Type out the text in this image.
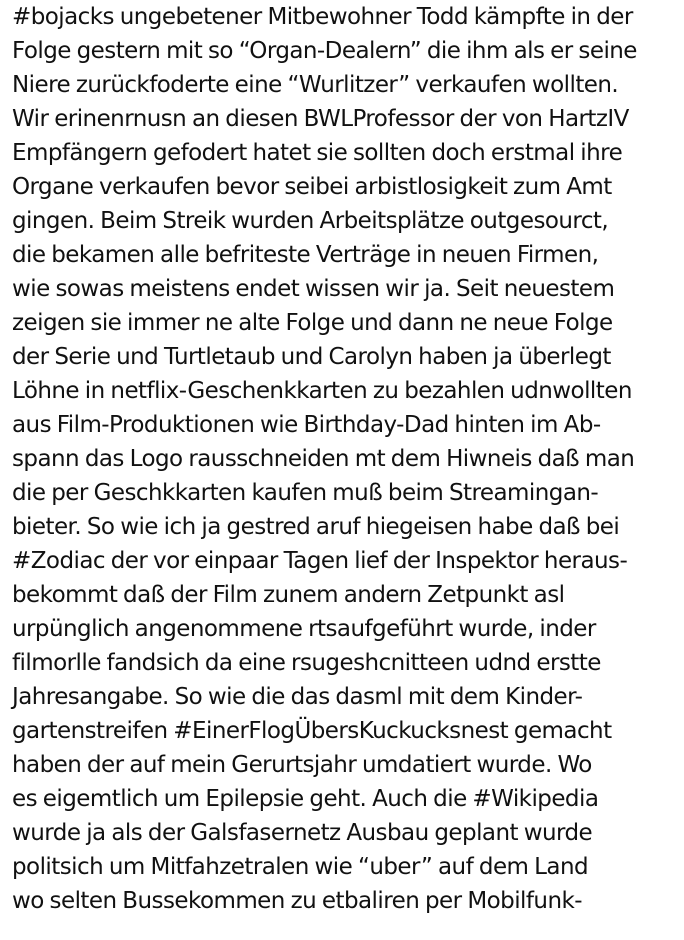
#bojacks ungebetener Mitbewohner Todd kämpfte in der
Folge gestern mit so “Organ-Dealern” die ihm als er seine
Niere zurückfoderte eine “Wurlitzer” verkaufen wollten.
Wir erinenrnusn an diesen BWLProfessor der von HartzIV
Empfängern gefodert hatet sie sollten doch erstmal ihre
Organe verkaufen bevor seibei arbistlosigkeit zum Amt
gingen. Beim Streik wurden Arbeitsplätze outgesourct,
die bekamen alle befriteste Verträge in neuen Firmen,
wie sowas meistens endet wissen wir ja. Seit neuestem
zeigen sie immer ne alte Folge und dann ne neue Folge
der Serie und Turtletaub und Carolyn haben ja überlegt
Löhne in netflix-Geschenkkarten zu bezahlen udnwollten
aus Film-Produktionen wie Birthday-Dad hinten im Ab-
spann das Logo rausschneiden mt dem Hiwneis daß man
die per Geschkkarten kaufen muß beim Streamingan-
bieter. So wie ich ja gestred aruf hiegeisen habe daß bei
#Zodiac der vor einpaar Tagen lief der Inspektor heraus-
bekommt daß der Film zunem andern Zetpunkt asl
urpünglich angenommene rtsaufgeführt wurde, inder
filmorlle fandsich da eine rsugeshcnitteen udnd erstte
Jahresangabe. So wie die das dasml mit dem Kinder-
gartenstreifen #EinerFlogÜbersKuckucksnest gemacht
haben der auf mein Gerurtsjahr umdatiert wurde. Wo
es eigemtlich um Epilepsie geht. Auch die #Wikipedia
wurde ja als der Galsfasernetz Ausbau geplant wurde
politsich um Mitfahzetralen wie “uber” auf dem Land
wo selten Bussekommen zu etbaliren per Mobilfunk-
